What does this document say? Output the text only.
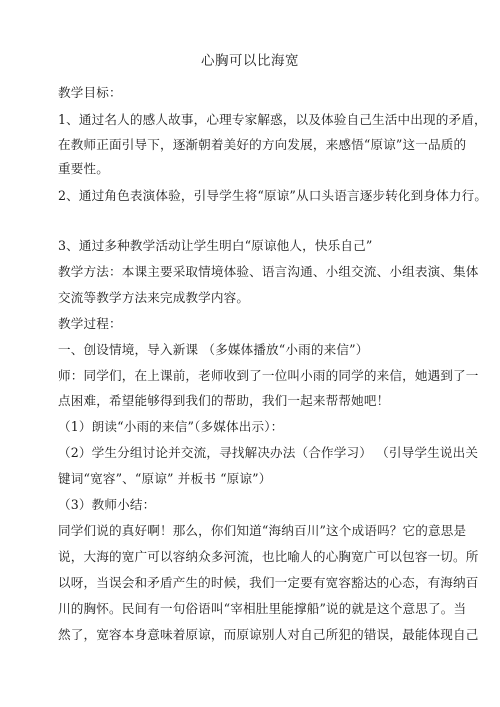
心胸可以比海宽
教学目标：
1、通过名人的感人故事，心理专家解惑，以及体验自己生活中出现的矛盾，
在教师正面引导下，逐渐朝着美好的方向发展，来感悟“原谅”这一品质的
重要性。
2、通过角色表演体验，引导学生将“原谅”从口头语言逐步转化到身体力行。
3、通过多种教学活动让学生明白“原谅他人，快乐自己”
教学方法：本课主要采取情境体验、语言沟通、小组交流、小组表演、集体
交流等教学方法来完成教学内容。
教学过程：
一、创设情境，导入新课 （多媒体播放“小雨的来信”）
师：同学们，在上课前，老师收到了一位叫小雨的同学的来信，她遇到了一
点困难，希望能够得到我们的帮助，我们一起来帮帮她吧！
（1）朗读“小雨的来信”（多媒体出示）：
（2）学生分组讨论并交流，寻找解决办法（合作学习） （引导学生说出关
键词“宽容”、“原谅” 并板书 “原谅”）
（3）教师小结：
同学们说的真好啊！那么，你们知道“海纳百川”这个成语吗？它的意思是
说，大海的宽广可以容纳众多河流，也比喻人的心胸宽广可以包容一切。所
以呀，当误会和矛盾产生的时候，我们一定要有宽容豁达的心态，有海纳百
川的胸怀。民间有一句俗语叫“宰相肚里能撑船”说的就是这个意思了。当
然了，宽容本身意味着原谅，而原谅别人对自己所犯的错误，最能体现自己
